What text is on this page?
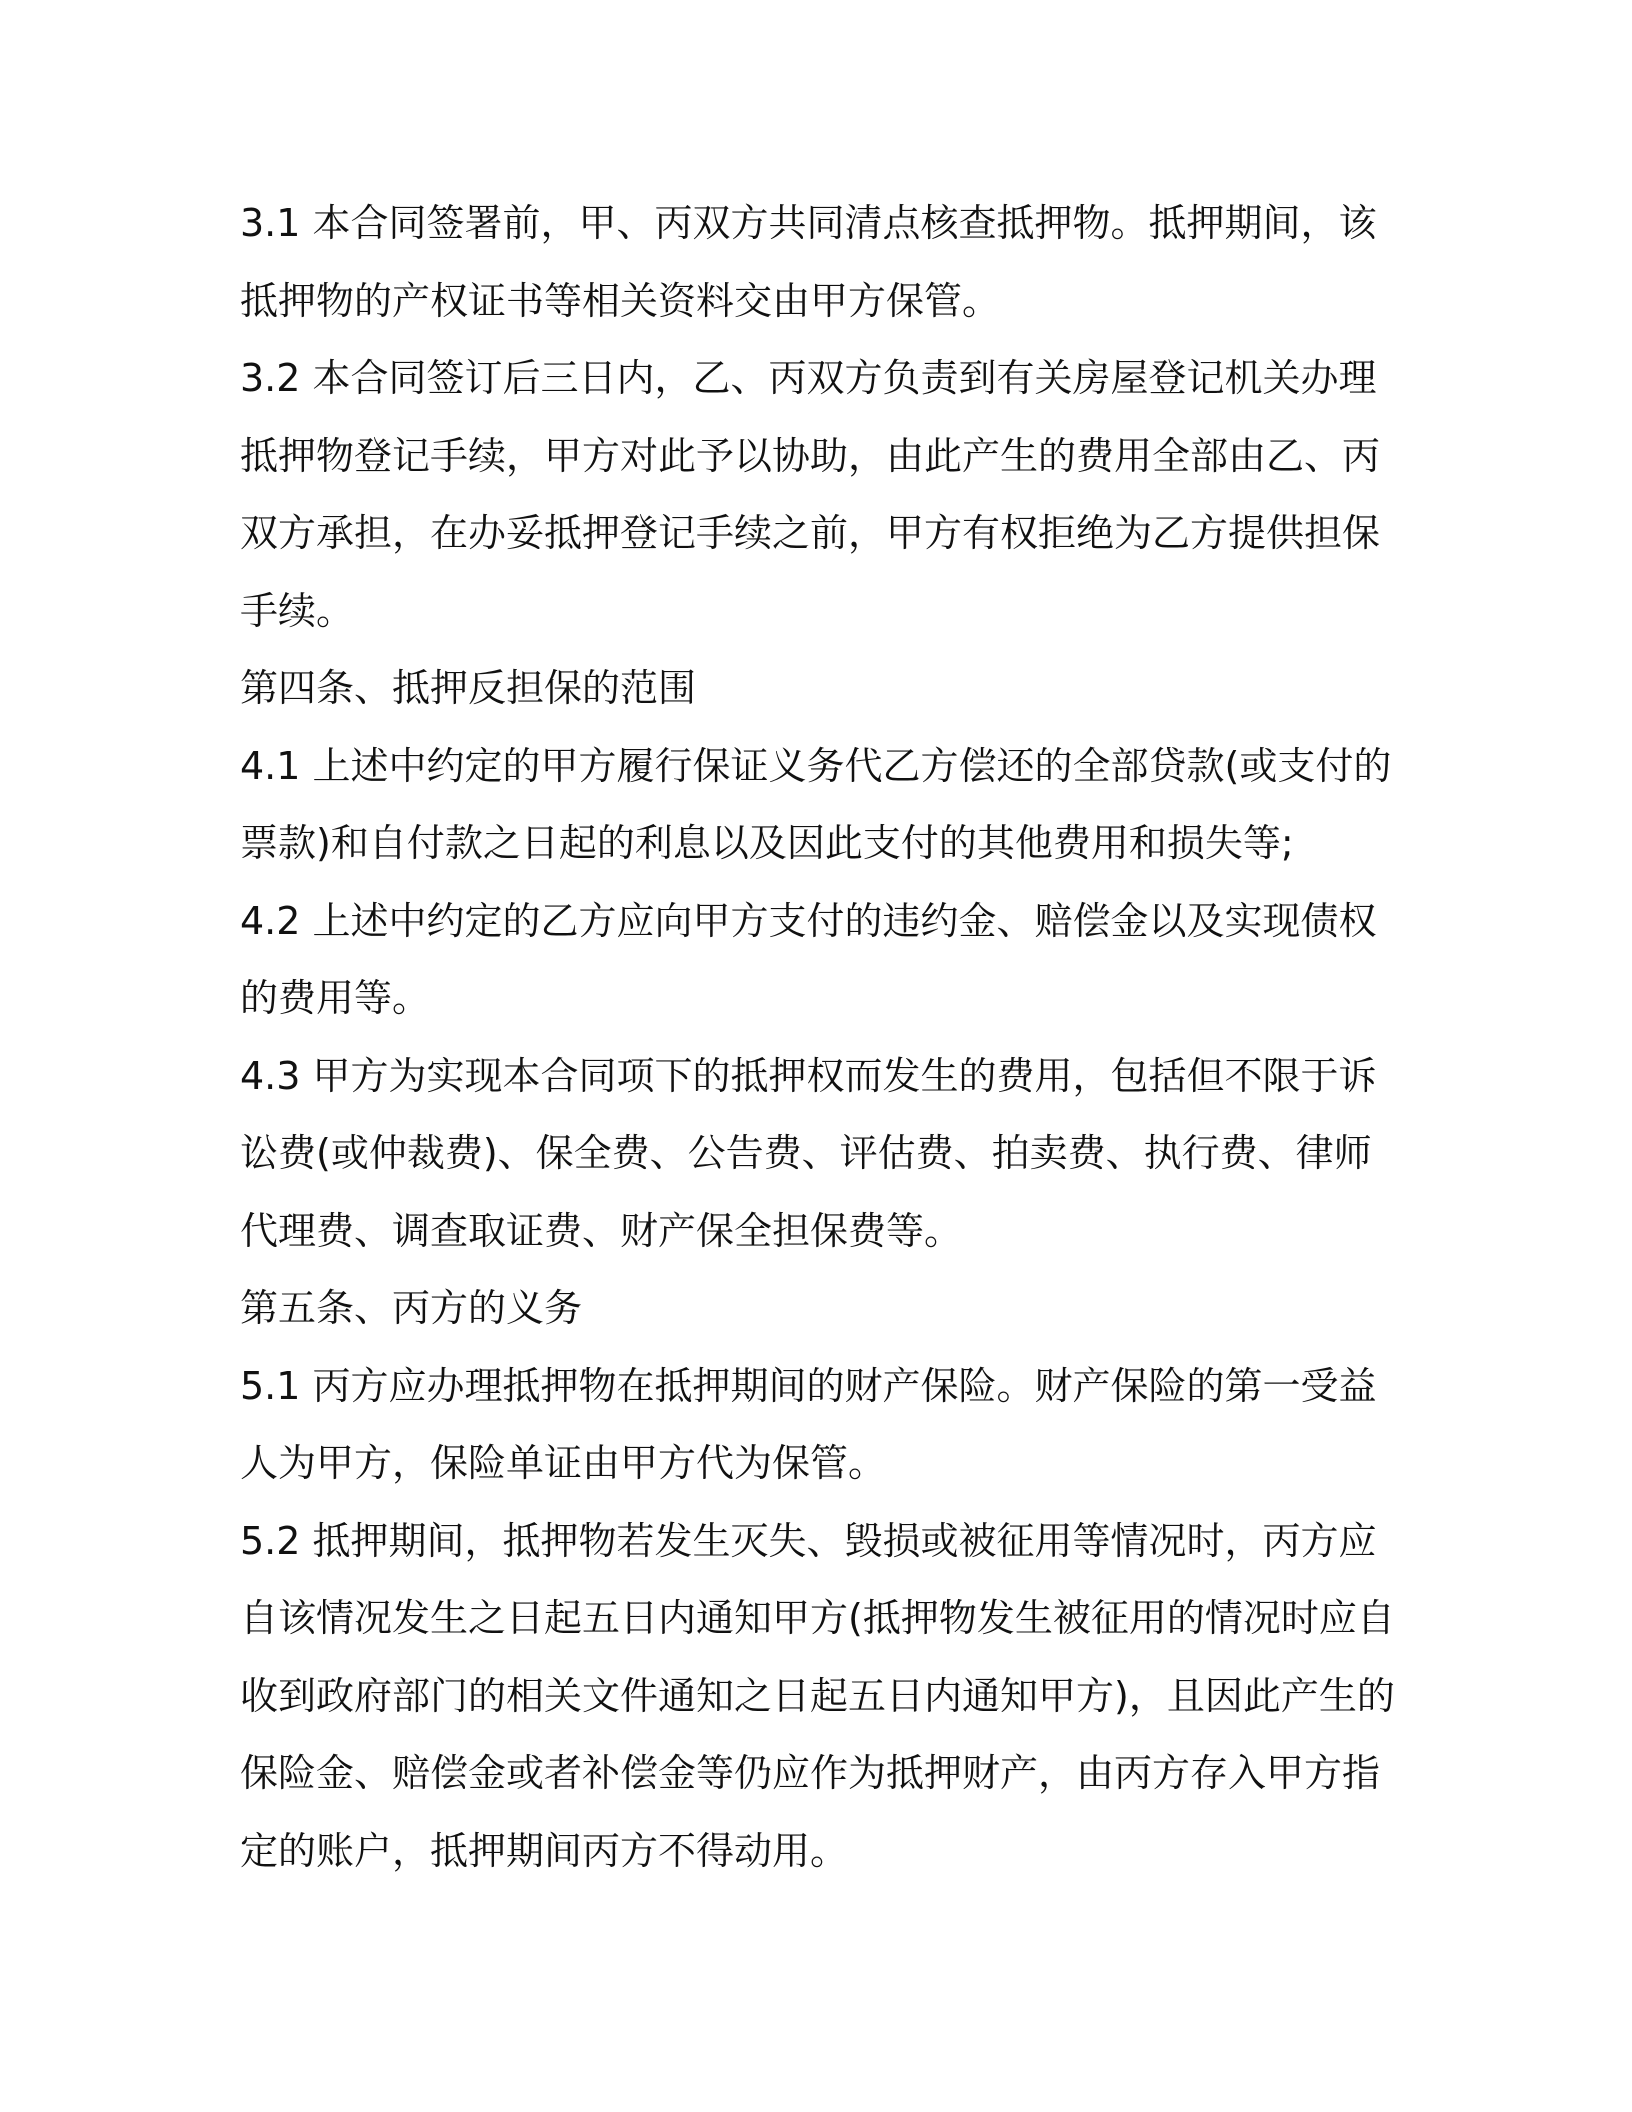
3.1 本合同签署前，甲、丙双方共同清点核查抵押物。抵押期间，该抵押物的产权证书等相关资料交由甲方保管。

3.2 本合同签订后三日内，乙、丙双方负责到有关房屋登记机关办理抵押物登记手续，甲方对此予以协助，由此产生的费用全部由乙、丙双方承担，在办妥抵押登记手续之前，甲方有权拒绝为乙方提供担保手续。

第四条、抵押反担保的范围

4.1 上述中约定的甲方履行保证义务代乙方偿还的全部贷款(或支付的票款)和自付款之日起的利息以及因此支付的其他费用和损失等;

4.2 上述中约定的乙方应向甲方支付的违约金、赔偿金以及实现债权的费用等。

4.3 甲方为实现本合同项下的抵押权而发生的费用，包括但不限于诉讼费(或仲裁费)、保全费、公告费、评估费、拍卖费、执行费、律师代理费、调查取证费、财产保全担保费等。

第五条、丙方的义务

5.1 丙方应办理抵押物在抵押期间的财产保险。财产保险的第一受益人为甲方，保险单证由甲方代为保管。

5.2 抵押期间，抵押物若发生灭失、毁损或被征用等情况时，丙方应自该情况发生之日起五日内通知甲方(抵押物发生被征用的情况时应自收到政府部门的相关文件通知之日起五日内通知甲方)，且因此产生的保险金、赔偿金或者补偿金等仍应作为抵押财产，由丙方存入甲方指定的账户，抵押期间丙方不得动用。
